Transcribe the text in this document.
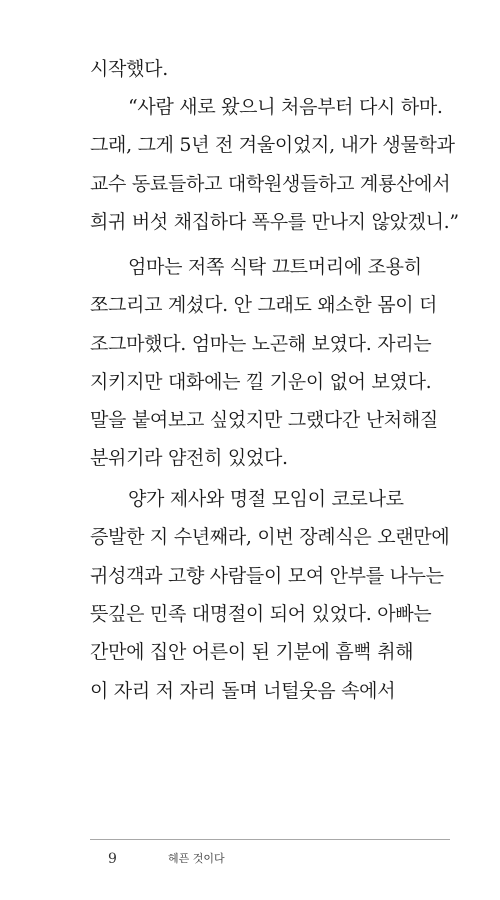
시작했다.
“사람 새로 왔으니 처음부터 다시 하마.
그래, 그게 5년 전 겨울이었지, 내가 생물학과
교수 동료들하고 대학원생들하고 계룡산에서
희귀 버섯 채집하다 폭우를 만나지 않았겠니.”
엄마는 저쪽 식탁 끄트머리에 조용히
쪼그리고 계셨다. 안 그래도 왜소한 몸이 더
조그마했다. 엄마는 노곤해 보였다. 자리는
지키지만 대화에는 낄 기운이 없어 보였다.
말을 붙여보고 싶었지만 그랬다간 난처해질
분위기라 얌전히 있었다.
양가 제사와 명절 모임이 코로나로
증발한 지 수년째라, 이번 장례식은 오랜만에
귀성객과 고향 사람들이 모여 안부를 나누는
뜻깊은 민족 대명절이 되어 있었다. 아빠는
간만에 집안 어른이 된 기분에 흠뻑 취해
이 자리 저 자리 돌며 너털웃음 속에서
9	헤픈 것이다
